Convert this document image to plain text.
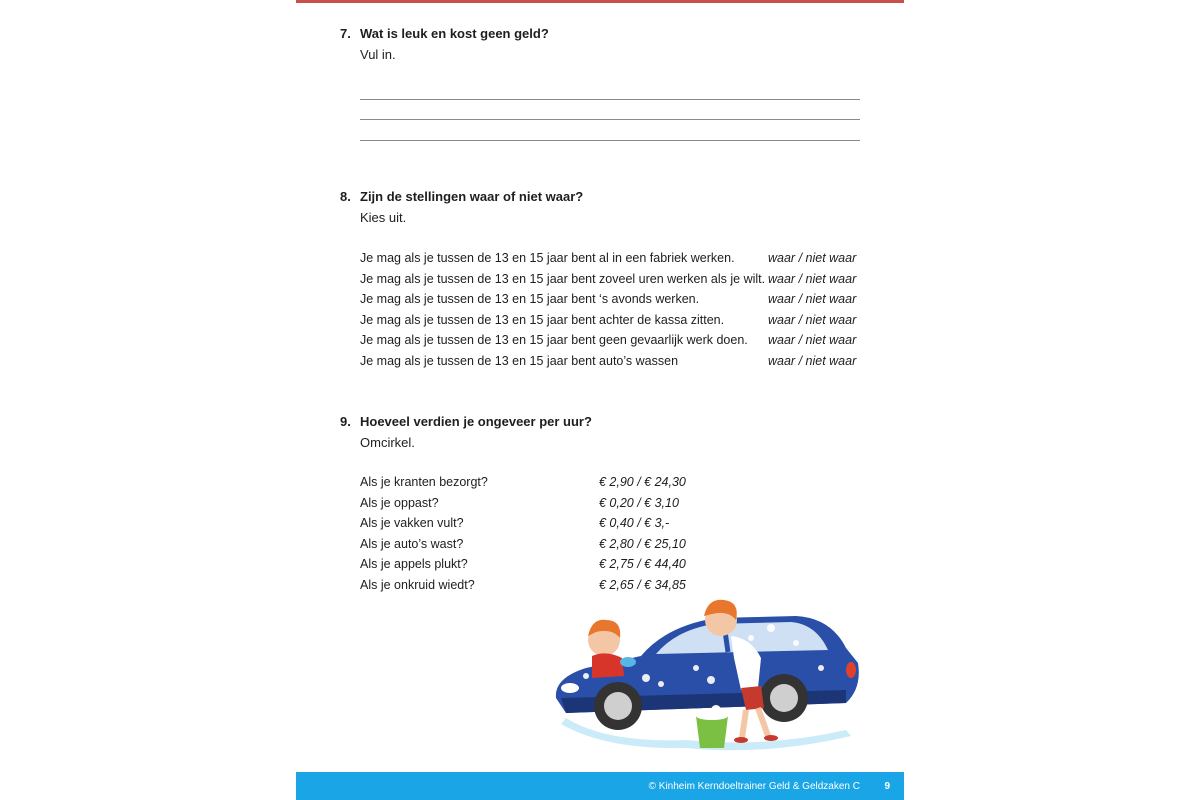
7. Wat is leuk en kost geen geld?
Vul in.
8. Zijn de stellingen waar of niet waar?
Kies uit.
Je mag als je tussen de 13 en 15 jaar bent al in een fabriek werken.	waar / niet waar
Je mag als je tussen de 13 en 15 jaar bent zoveel uren werken als je wilt. waar / niet waar
Je mag als je tussen de 13 en 15 jaar bent ‘s avonds werken.	waar / niet waar
Je mag als je tussen de 13 en 15 jaar bent achter de kassa zitten.	waar / niet waar
Je mag als je tussen de 13 en 15 jaar bent geen gevaarlijk werk doen. waar / niet waar
Je mag als je tussen de 13 en 15 jaar bent auto’s wassen	waar / niet waar
9. Hoeveel verdien je ongeveer per uur?
Omcirkel.
Als je kranten bezorgt?	€ 2,90 / € 24,30
Als je oppast?	€ 0,20 / € 3,10
Als je vakken vult?	€ 0,40 / € 3,-
Als je auto’s wast?	€ 2,80 / € 25,10
Als je appels plukt?	€ 2,75 / € 44,40
Als je onkruid wiedt?	€ 2,65 / € 34,85
© Kinheim Kerndoeltrainer Geld & Geldzaken C 9
